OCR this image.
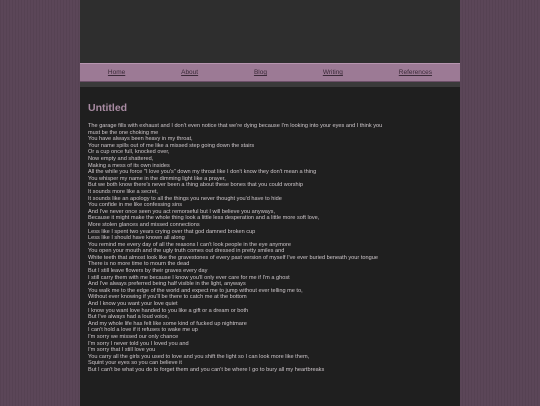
Home	About	Blog	Writing	References
Untitled
The garage fills with exhaust and I don't even notice that we're dying because I'm looking into your eyes and I think you
must be the one choking me
You have always been heavy in my throat,
Your name spills out of me like a missed step going down the stairs
Or a cup once full, knocked over,
Now empty and shattered,
Making a mess of its own insides
All the while you force "I love you's" down my throat like I don't know they don't mean a thing
You whisper my name in the dimming light like a prayer,
But we both know there's never been a thing about these bones that you could worship
It sounds more like a secret,
It sounds like an apology to all the things you never thought you'd have to hide
You confide in me like confessing sins
And I've never once seen you act remorseful but I will believe you anyways,
Because it might make the whole thing look a little less desperation and a little more soft love,
More stolen glances and missed connections
Less like I spent two years crying over that god damned broken cup
Less like I should have known all along
You remind me every day of all the reasons I can't look people in the eye anymore
You open your mouth and the ugly truth comes out dressed in pretty smiles and
White teeth that almost look like the gravestones of every past version of myself I've ever buried beneath your tongue
There is no more time to mourn the dead
But I still leave flowers by their graves every day
I still carry them with me because I know you'll only ever care for me if I'm a ghost
And I've always preferred being half visible in the light, anyways
You walk me to the edge of the world and expect me to jump without ever telling me to,
Without ever knowing if you'll be there to catch me at the bottom
And I know you want your love quiet
I know you want love handed to you like a gift or a dream or both
But I've always had a loud voice,
And my whole life has felt like some kind of fucked up nightmare
I can't hold a love if it refuses to wake me up
I'm sorry we missed our only chance
I'm sorry I never told you I loved you and
I'm sorry that I still love you
You carry all the girls you used to love and you shift the light so I can look more like them,
Squint your eyes so you can believe it
But I can't be what you do to forget them and you can't be where I go to bury all my heartbreaks
